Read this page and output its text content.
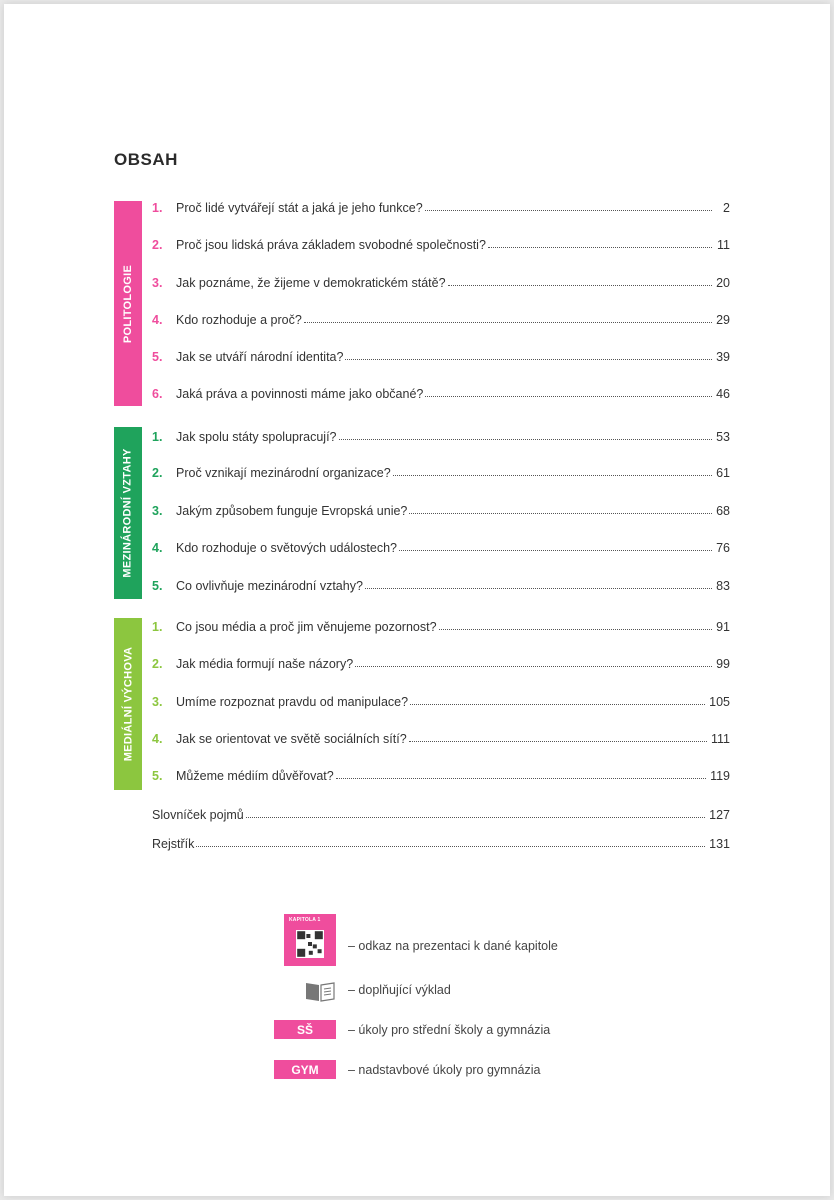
OBSAH
POLITOLOGIE
MEZINÁRODNÍ VZTAHY
MEDIÁLNÍ VÝCHOVA
1.	Proč lidé vytvářejí stát a jaká je jeho funkce?	2
2.	Proč jsou lidská práva základem svobodné společnosti?	11
3.	Jak poznáme, že žijeme v demokratickém státě?	20
4.	Kdo rozhoduje a proč?	29
5.	Jak se utváří národní identita?	39
6.	Jaká práva a povinnosti máme jako občané?	46
1.	Jak spolu státy spolupracují?	53
2.	Proč vznikají mezinárodní organizace?	61
3.	Jakým způsobem funguje Evropská unie?	68
4.	Kdo rozhoduje o světových událostech?	76
5.	Co ovlivňuje mezinárodní vztahy?	83
1.	Co jsou média a proč jim věnujeme pozornost?	91
2.	Jak média formují naše názory?	99
3.	Umíme rozpoznat pravdu od manipulace?	105
4.	Jak se orientovat ve světě sociálních sítí?	111
5.	Můžeme médiím důvěřovat?	119
Slovníček pojmů	127
Rejstřík	131
KAPITOLA 1
– odkaz na prezentaci k dané kapitole
– doplňující výklad
SŠ	– úkoly pro střední školy a gymnázia
GYM	– nadstavbové úkoly pro gymnázia
